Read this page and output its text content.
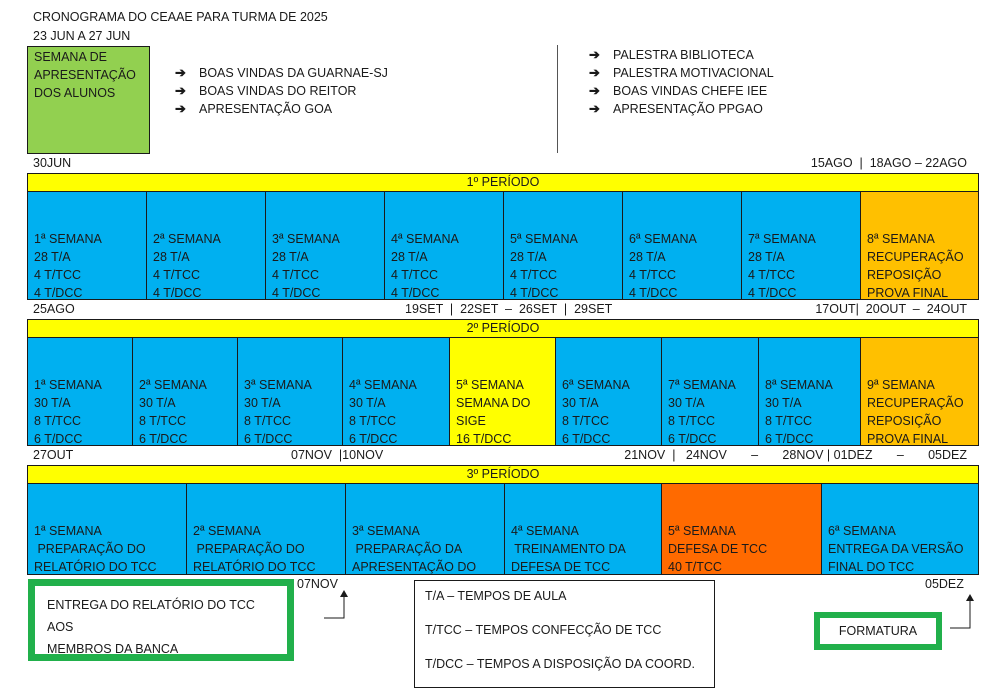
CRONOGRAMA DO CEAAE PARA TURMA DE 2025
23 JUN A 27 JUN
SEMANA DE
APRESENTAÇÃO
DOS ALUNOS
➔	BOAS VINDAS DA GUARNAE-SJ
➔	BOAS VINDAS DO REITOR
➔	APRESENTAÇÃO GOA
➔	PALESTRA BIBLIOTECA
➔	PALESTRA MOTIVACIONAL
➔	BOAS VINDAS CHEFE IEE
➔	APRESENTAÇÃO PPGAO
30JUN	15AGO  |  18AGO – 22AGO
1º PERÍODO

1ª SEMANA
28 T/A
4 T/TCC
4 T/DCC

2ª SEMANA
28 T/A
4 T/TCC
4 T/DCC

3ª SEMANA
28 T/A
4 T/TCC
4 T/DCC

4ª SEMANA
28 T/A
4 T/TCC
4 T/DCC

5ª SEMANA
28 T/A
4 T/TCC
4 T/DCC

6ª SEMANA
28 T/A
4 T/TCC
4 T/DCC

7ª SEMANA
28 T/A
4 T/TCC
4 T/DCC

8ª SEMANA
RECUPERAÇÃO
REPOSIÇÃO
PROVA FINAL

25AGO	19SET  |  22SET  –  26SET  |  29SET	17OUT|  20OUT  –  24OUT
2º PERÍODO

1ª SEMANA
30 T/A
8 T/TCC
6 T/DCC

2ª SEMANA
30 T/A
8 T/TCC
6 T/DCC

3ª SEMANA
30 T/A
8 T/TCC
6 T/DCC

4ª SEMANA
30 T/A
8 T/TCC
6 T/DCC

5ª SEMANA
SEMANA DO
SIGE
16 T/DCC

6ª SEMANA
30 T/A
8 T/TCC
6 T/DCC

7ª SEMANA
30 T/A
8 T/TCC
6 T/DCC

8ª SEMANA
30 T/A
8 T/TCC
6 T/DCC

9ª SEMANA
RECUPERAÇÃO
REPOSIÇÃO
PROVA FINAL

27OUT	07NOV  |10NOV	21NOV  |   24NOV       –       28NOV | 01DEZ       –       05DEZ
3º PERÍODO

1ª SEMANA
PREPARAÇÃO DO
RELATÓRIO DO TCC

2ª SEMANA
PREPARAÇÃO DO
RELATÓRIO DO TCC

3ª SEMANA
PREPARAÇÃO DA
APRESENTAÇÃO DO

4ª SEMANA
TREINAMENTO DA
DEFESA DE TCC

5ª SEMANA
DEFESA DE TCC
40 T/TCC

6ª SEMANA
ENTREGA DA VERSÃO
FINAL DO TCC

07NOV	05DEZ
ENTREGA DO RELATÓRIO DO TCC AOS
MEMBROS DA BANCA
T/A – TEMPOS DE AULA
T/TCC – TEMPOS CONFECÇÃO DE TCC
T/DCC – TEMPOS A DISPOSIÇÃO DA COORD.
FORMATURA
